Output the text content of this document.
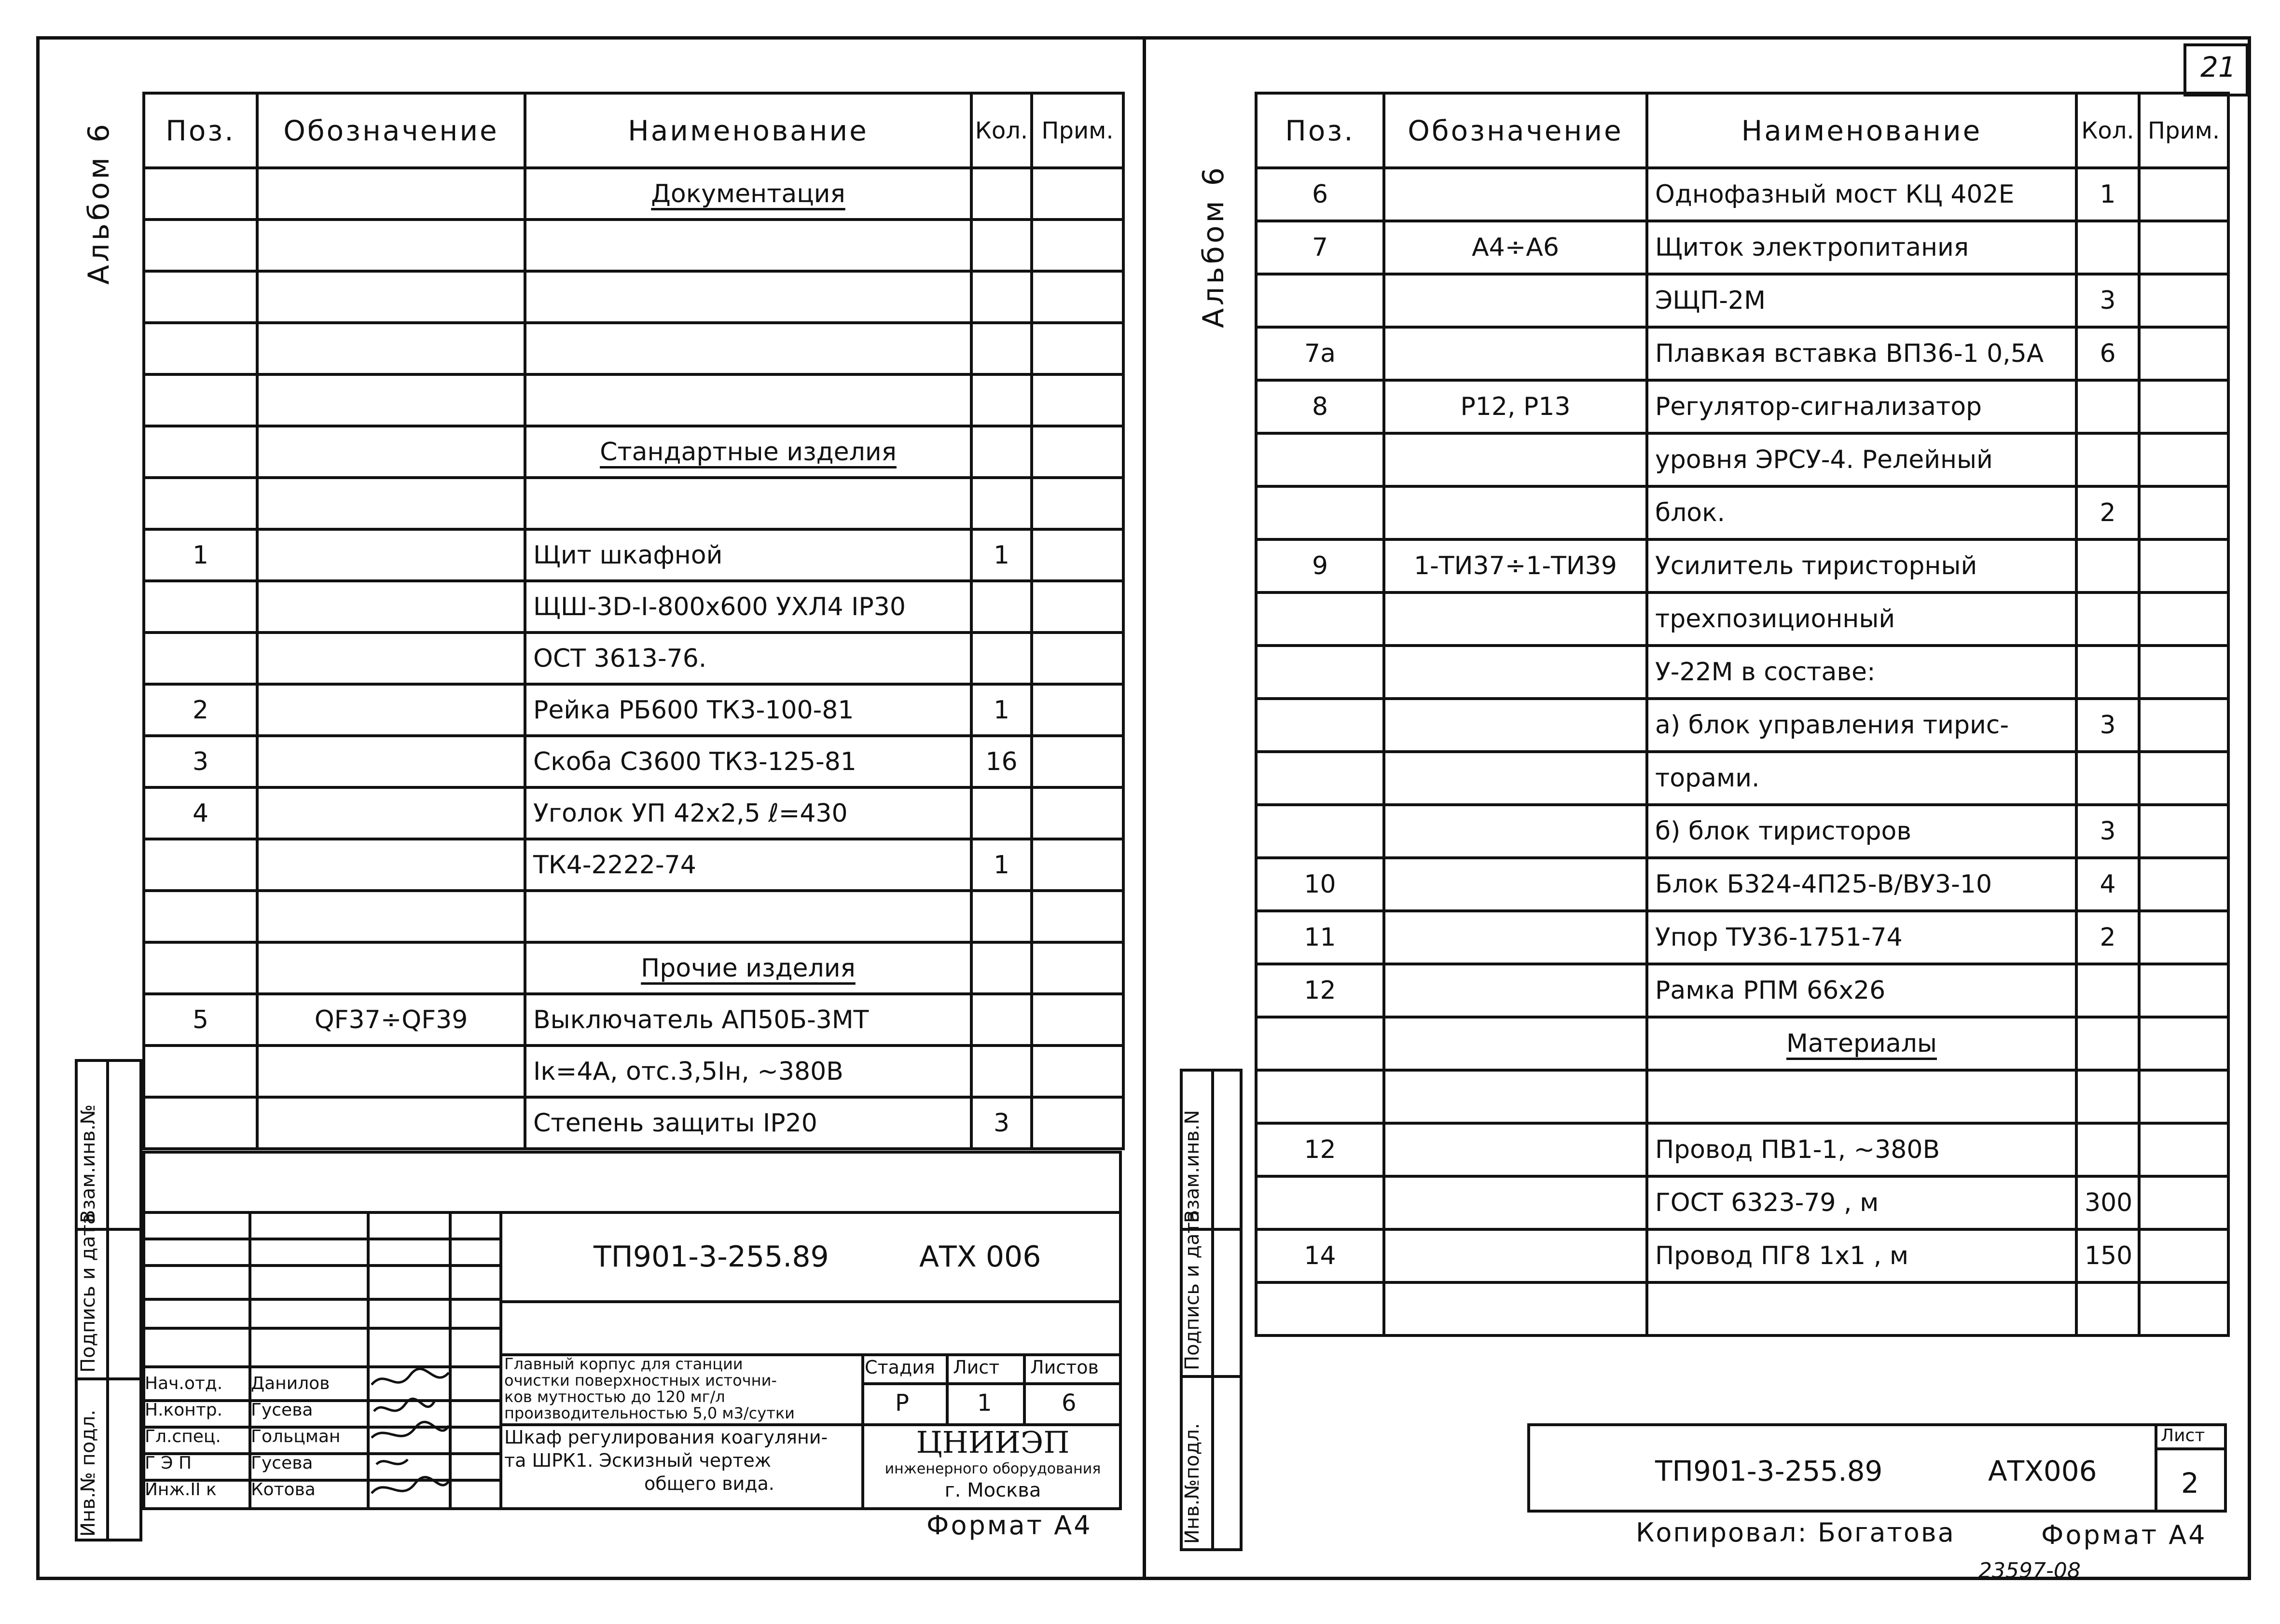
Альбом 6 Поз.	Обозначение	Наименование	Кол.	Прим.
		Документация		

		Стандартные изделия		

1		Щит шкафной	1	
		ЩШ-3D-I-800х600 УХЛ4 IP30		
		ОСТ 3613-76.		
2		Рейка РБ600 ТК3-100-81	1	
3		Скоба С3600 ТК3-125-81	16	
4		Уголок УП 42х2,5 ℓ=430		
		ТК4-2222-74	1	

		Прочие изделия		
5	QF37÷QF39	Выключатель АП50Б-3МТ		
		Iк=4А, отс.3,5Iн, ~380В		
		Степень защиты IP20	3	
Инв.№ подл.
Подпись и дата
Взам.инв.№
ТП901-3-255.89	АТХ 006
Главный корпус для станции
очистки поверхностных источни-
ков мутностью до 120 мг/л
производительностью 5,0 м3/сутки
Шкаф регулирования коагуляни-
та ШРК1. Эскизный чертеж
общего вида.
Стадия Лист Листов
Р	1	6
ЦНИИЭП
инженерного оборудования
г. Москва
Нач.отд. Данилов
Н.контр. Гусева
Гл.спец. Гольцман
Г Э П	Гусева
Инж.II к Котова
Формат А4
21
Альбом 6
Поз.	Обозначение	Наименование	Кол.	Прим.
6		Однофазный мост КЦ 402Е	1	
7	А4÷А6	Щиток электропитания		
		ЭЩП-2М	3	
7а		Плавкая вставка ВП36-1 0,5А	6	
8	Р12, Р13	Регулятор-сигнализатор		
		уровня ЭРСУ-4. Релейный		
		блок.	2	
9	1-ТИ37÷1-ТИ39	Усилитель тиристорный		
		трехпозиционный		
		У-22М в составе:		
		а) блок управления тирис-	3	
		торами.		
		б) блок тиристоров	3	
10		Блок Б324-4П25-В/ВУ3-10	4	
11		Упор ТУ36-1751-74	2	
12		Рамка РПМ 66х26		
		Материалы		

12		Провод ПВ1-1, ~380В		
		ГОСТ 6323-79 , м	300	
14		Провод ПГ8 1х1 , м	150	

Инв.№подл.
Подпись и дата
Взам.инв.N
ТП901-3-255.89	АТХ006
Лист
2
Копировал: Богатова	Формат А4
23597-08
